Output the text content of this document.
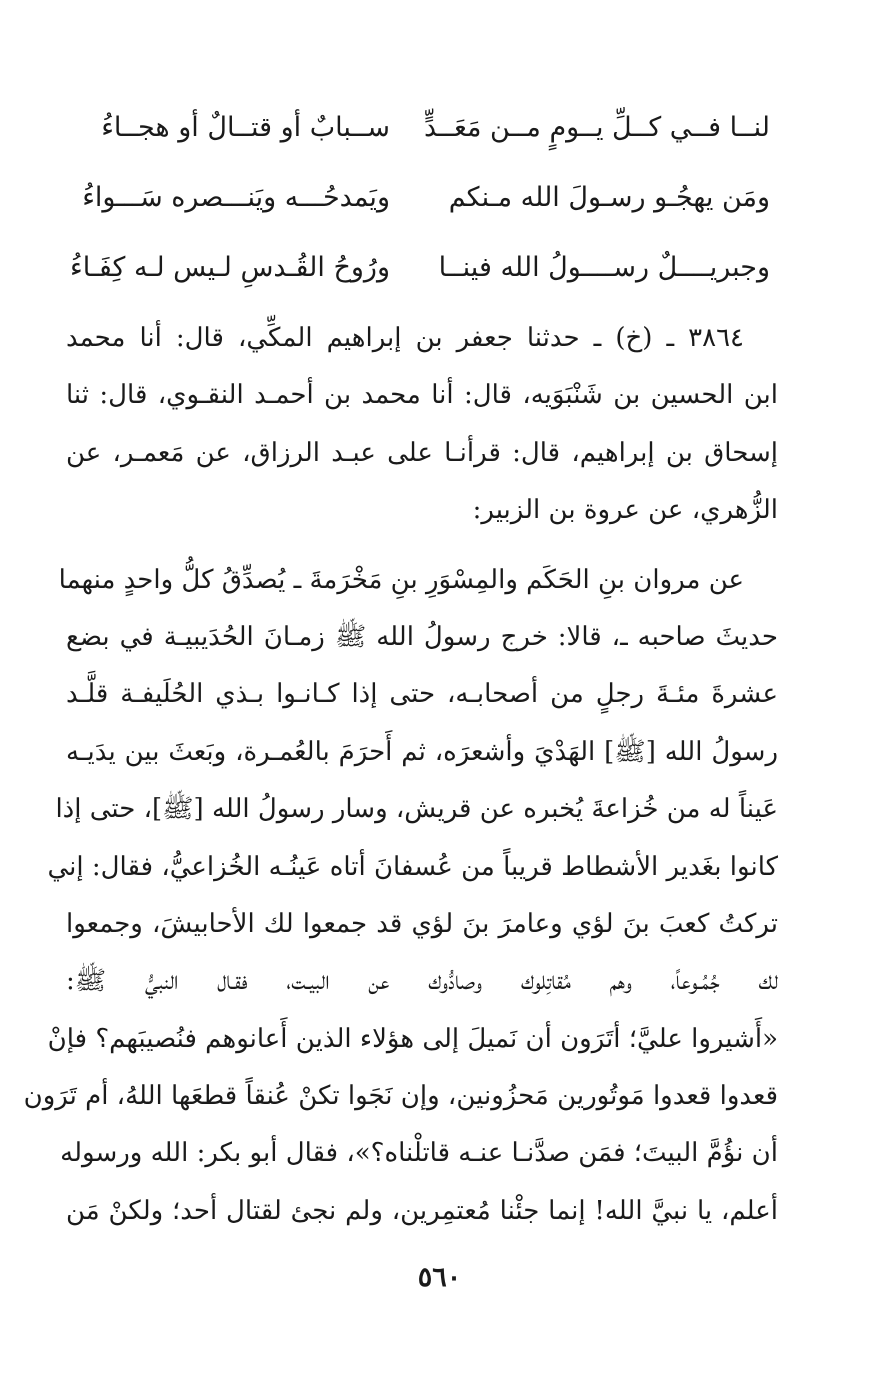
لنــا فــي كــلِّ يــومٍ مــن مَعَــدٍّ
ســبابٌ أو قتــالٌ أو هجــاءُ
ومَن يهجُـو رسـولَ الله مـنكم
ويَمدحُـــه ويَنـــصره سَـــواءُ
وجبريــــلٌ رســــولُ الله فينــا
ورُوحُ القُـدسِ لـيس لـه كِفَـاءُ
٣٨٦٤ ـ (خ) ـ حدثنا جعفر بن إبراهيم المكِّي، قال: أنا محمد
ابن الحسين بن شَنْبَوَيه، قال: أنا محمد بن أحمـد النقـوي، قال: ثنا
إسحاق بن إبراهيم، قال: قرأنـا على عبـد الرزاق، عن مَعمـر، عن
الزُّهري، عن عروة بن الزبير:
عن مروان بنِ الحَكَم والمِسْوَرِ بنِ مَخْرَمةَ ـ يُصدِّقُ كلُّ واحدٍ منهما
حديثَ صاحبه ـ، قالا: خرج رسولُ الله ﷺ زمـانَ الحُدَيبيـة في بضع
عشرةَ مئـةَ رجلٍ من أصحابـه، حتى إذا كـانـوا بـذي الحُلَيفـة قلَّـد
رسولُ الله [ﷺ] الهَدْيَ وأشعرَه، ثم أَحرَمَ بالعُمـرة، وبَعثَ بين يدَيـه
عَيناً له من خُزاعةَ يُخبره عن قريش، وسار رسولُ الله [ﷺ]، حتى إذا
كانوا بغَدير الأشطاط قريباً من عُسفانَ أتاه عَينُـه الخُزاعيُّ، فقال: إني
تركتُ كعبَ بنَ لؤي وعامرَ بنَ لؤي قد جمعوا لك الأحابيشَ، وجمعوا
لك جُمُـوعاً، وهم مُقاتِلوك وصادُّوك عن البيـت، فقـال النبيُّ ﷺ:
«أَشيروا عليَّ؛ أتَرَون أن نَميلَ إلى هؤلاء الذين أَعانوهم فنُصيبَهم؟ فإنْ
قعدوا قعدوا مَوتُورين مَحزُونين، وإن نَجَوا تكنْ عُنقاً قطعَها اللهُ، أم تَرَون
أن نؤُمَّ البيتَ؛ فمَن صدَّنـا عنـه قاتلْناه؟»، فقال أبو بكر: الله ورسوله
أعلم، يا نبيَّ الله! إنما جئْنا مُعتمِرين، ولم نجئ لقتال أحد؛ ولكنْ مَن
٥٦٠
